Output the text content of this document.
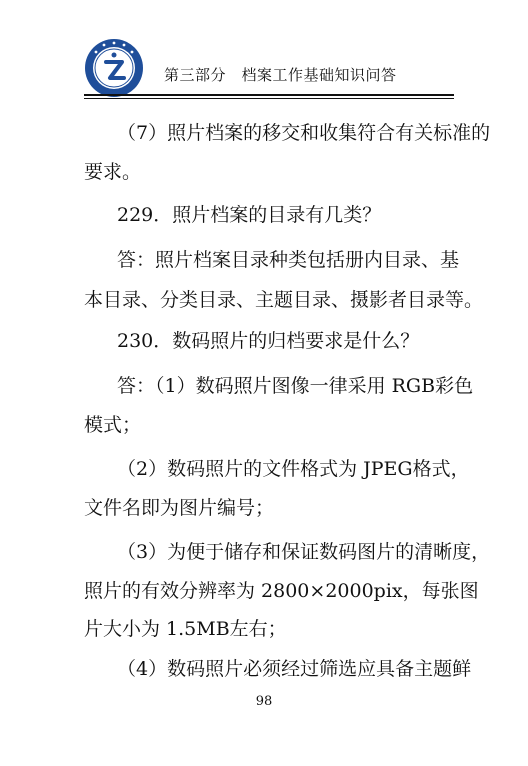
第三部分　档案工作基础知识问答
（7）照片档案的移交和收集符合有关标准的
要求。
229．照片档案的目录有几类？
答：照片档案目录种类包括册内目录、基
本目录、分类目录、主题目录、摄影者目录等。
230．数码照片的归档要求是什么？
答：（1）数码照片图像一律采用 RGB彩色
模式；
（2）数码照片的文件格式为 JPEG格式，
文件名即为图片编号；
（3）为便于储存和保证数码图片的清晰度，
照片的有效分辨率为 2800×2000pix，每张图
片大小为 1.5MB左右；
（4）数码照片必须经过筛选应具备主题鲜
98
